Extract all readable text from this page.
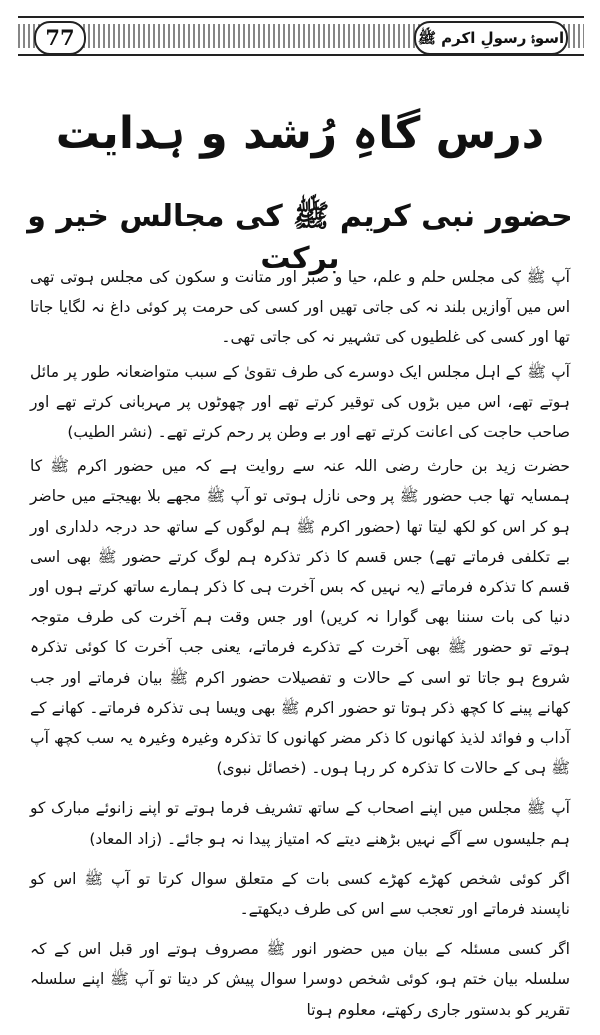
77	اسوۂ رسولِ اکرم ﷺ
درس گاہِ رُشد و ہدایت
حضور نبی کریم ﷺ کی مجالس خیر و برکت

آپ ﷺ کی مجلس حلم و علم، حیا و صبر اور متانت و سکون کی مجلس ہوتی تھی اس میں آوازیں بلند نہ کی جاتی تھیں اور کسی کی حرمت پر کوئی داغ نہ لگایا جاتا تھا اور کسی کی غلطیوں کی تشہیر نہ کی جاتی تھی۔

آپ ﷺ کے اہل مجلس ایک دوسرے کی طرف تقویٰ کے سبب متواضعانہ طور پر مائل ہوتے تھے، اس میں بڑوں کی توقیر کرتے تھے اور چھوٹوں پر مہربانی کرتے تھے اور صاحب حاجت کی اعانت کرتے تھے اور بے وطن پر رحم کرتے تھے۔ (نشر الطیب)

حضرت زید بن حارث رضی اللہ عنہ سے روایت ہے کہ میں حضور اکرم ﷺ کا ہمسایہ تھا جب حضور ﷺ پر وحی نازل ہوتی تو آپ ﷺ مجھے بلا بھیجتے میں حاضر ہو کر اس کو لکھ لیتا تھا (حضور اکرم ﷺ ہم لوگوں کے ساتھ حد درجہ دلداری اور بے تکلفی فرماتے تھے) جس قسم کا ذکر تذکرہ ہم لوگ کرتے حضور ﷺ بھی اسی قسم کا تذکرہ فرماتے (یہ نہیں کہ بس آخرت ہی کا ذکر ہمارے ساتھ کرتے ہوں اور دنیا کی بات سننا بھی گوارا نہ کریں) اور جس وقت ہم آخرت کی طرف متوجہ ہوتے تو حضور ﷺ بھی آخرت کے تذکرے فرماتے، یعنی جب آخرت کا کوئی تذکرہ شروع ہو جاتا تو اسی کے حالات و تفصیلات حضور اکرم ﷺ بیان فرماتے اور جب کھانے پینے کا کچھ ذکر ہوتا تو حضور اکرم ﷺ بھی ویسا ہی تذکرہ فرماتے۔ کھانے کے آداب و فوائد لذیذ کھانوں کا ذکر مضر کھانوں کا تذکرہ وغیرہ وغیرہ یہ سب کچھ آپ ﷺ ہی کے حالات کا تذکرہ کر رہا ہوں۔ (خصائل نبوی)

آپ ﷺ مجلس میں اپنے اصحاب کے ساتھ تشریف فرما ہوتے تو اپنے زانوئے مبارک کو ہم جلیسوں سے آگے نہیں بڑھنے دیتے کہ امتیاز پیدا نہ ہو جائے۔ (زاد المعاد)

اگر کوئی شخص کھڑے کھڑے کسی بات کے متعلق سوال کرتا تو آپ ﷺ اس کو ناپسند فرماتے اور تعجب سے اس کی طرف دیکھتے۔

اگر کسی مسئلہ کے بیان میں حضور انور ﷺ مصروف ہوتے اور قبل اس کے کہ سلسلہ بیان ختم ہو، کوئی شخص دوسرا سوال پیش کر دیتا تو آپ ﷺ اپنے سلسلہ تقریر کو بدستور جاری رکھتے، معلوم ہوتا
